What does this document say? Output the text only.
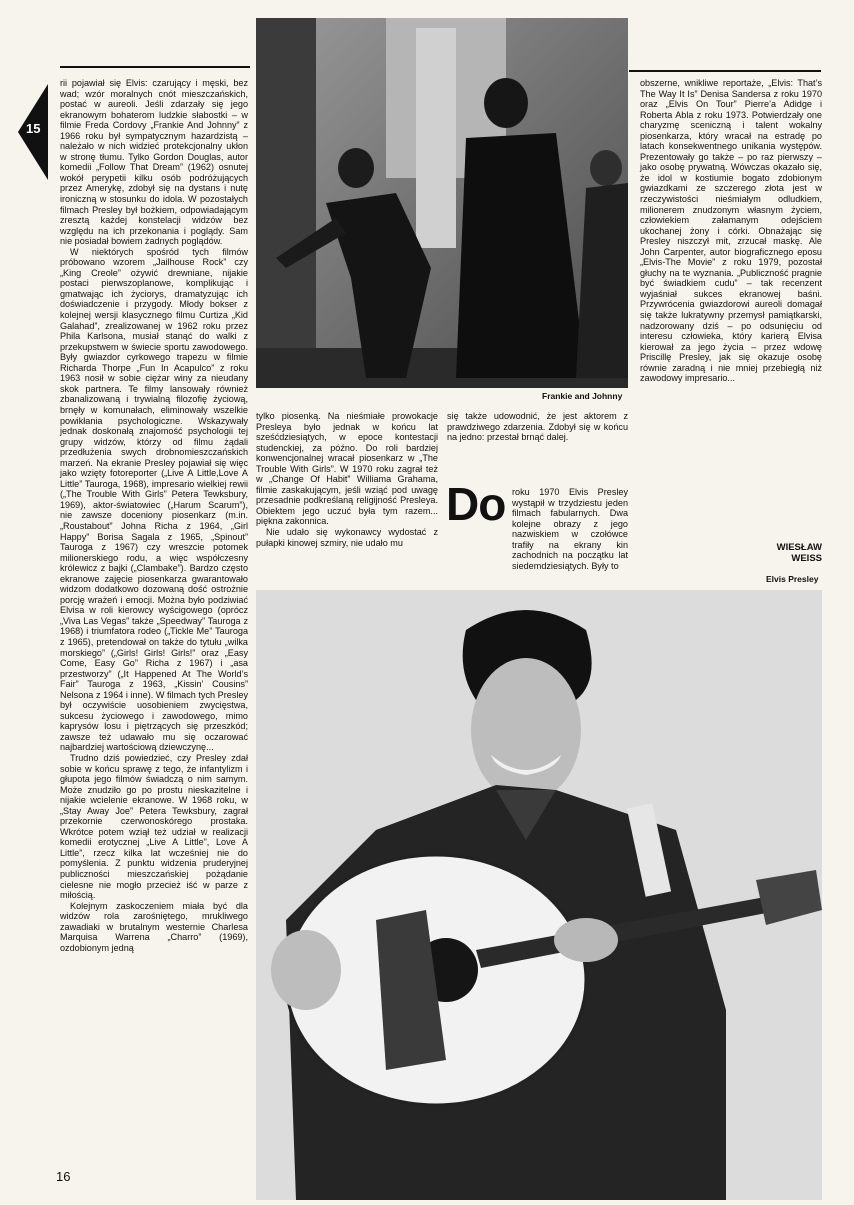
15

rii pojawiał się Elvis: czarujący i męski, bez wad; wzór moralnych cnót mieszczańskich, postać w aureoli. Jeśli zdarzały się jego ekranowym bohaterom ludzkie słabostki – w filmie Freda Cordovy „Frankie And Johnny” z 1966 roku był sympatycznym hazardzistą – należało w nich widzieć protekcjonalny ukłon w stronę tłumu. Tylko Gordon Douglas, autor komedii „Follow That Dream” (1962) osnutej wokół perypetii kilku osób podróżujących przez Amerykę, zdobył się na dystans i nutę ironiczną w stosunku do idola. W pozostałych filmach Presley był bożkiem, odpowiadającym zresztą każdej konstelacji widzów bez względu na ich przekonania i poglądy. Sam nie posiadał bowiem żadnych poglądów.

W niektórych spośród tych filmów próbowano wzorem „Jailhouse Rock” czy „King Creole” ożywić drewniane, nijakie postaci pierwszoplanowe, komplikując i gmatwając ich życiorys, dramatyzując ich doświadczenie i przygody. Młody bokser z kolejnej wersji klasycznego filmu Curtiza „Kid Galahad”, zrealizowanej w 1962 roku przez Phila Karlsona, musiał stanąć do walki z przekupstwem w świecie sportu zawodowego. Były gwiazdor cyrkowego trapezu w filmie Richarda Thorpe „Fun In Acapulco” z roku 1963 nosił w sobie ciężar winy za nieudany skok partnera. Te filmy lansowały również zbanalizowaną i trywialną filozofię życiową, brnęły w komunałach, eliminowały wszelkie powikłania psychologiczne. Wskazywały jednak doskonałą znajomość psychologii tej grupy widzów, którzy od filmu żądali przedłużenia swych drobnomieszczańskich marzeń. Na ekranie Presley pojawiał się więc jako wzięty fotoreporter („Live A Little,Love A Little” Tauroga, 1968), impresario wielkiej rewii („The Trouble With Girls” Petera Tewksbury, 1969), aktor-światowiec („Harum Scarum”), nie zawsze doceniony piosenkarz (m.in. „Roustabout” Johna Richa z 1964, „Girl Happy” Borisa Sagala z 1965, „Spinout” Tauroga z 1967) czy wreszcie potomek milionerskiego rodu, a więc współczesny królewicz z bajki („Clambake”). Bardzo często ekranowe zajęcie piosenkarza gwarantowało widzom dodatkowo dozowaną dość ostrożnie porcję wrażeń i emocji. Można było podziwiać Elvisa w roli kierowcy wyścigowego (oprócz „Viva Las Vegas” także „Speedway” Tauroga z 1968) i triumfatora rodeo („Tickle Me” Tauroga z 1965), pretendował on także do tytułu „wilka morskiego” („Girls! Girls! Girls!” oraz „Easy Come, Easy Go” Richa z 1967) i „asa przestworzy” („It Happened At The World’s Fair” Tauroga z 1963, „Kissin’ Cousins” Nelsona z 1964 i inne). W filmach tych Presley był oczywiście uosobieniem zwycięstwa, sukcesu życiowego i zawodowego, mimo kaprysów losu i piętrzących się przeszkód; zawsze też udawało mu się oczarować najbardziej wartościową dziewczynę...

Trudno dziś powiedzieć, czy Presley zdał sobie w końcu sprawę z tego, że infantylizm i głupota jego filmów świadczą o nim samym. Może znudziło go po prostu nieskazitelne i nijakie wcielenie ekranowe. W 1968 roku, w „Stay Away Joe” Petera Tewksbury, zagrał przekornie czerwonoskórego prostaka. Wkrótce potem wziął też udział w realizacji komedii erotycznej „Live A Little”, Love A Little”, rzecz kilka lat wcześniej nie do pomyślenia. Z punktu widzenia pruderyjnej publiczności mieszczańskiej pożądanie cielesne nie mogło przecież iść w parze z miłością.

Kolejnym zaskoczeniem miała być dla widzów rola zarośniętego, mrukliwego zawadiaki w brutalnym westernie Charlesa Marquisa Warrena „Charro” (1969), ozdobionym jedną

Frankie and Johnny

tylko piosenką. Na nieśmiałe prowokacje Presleya było jednak w końcu lat sześćdziesiątych, w epoce kontestacji studenckiej, za późno. Do roli bardziej konwencjonalnej wracał piosenkarz w „The Trouble With Girls”. W 1970 roku zagrał też w „Change Of Habit” Williama Grahama, filmie zaskakującym, jeśli wziąć pod uwagę przesadnie podkreślaną religijność Presleya. Obiektem jego uczuć była tym razem... piękna zakonnica.

Nie udało się wykonawcy wydostać z pułapki kinowej szmiry, nie udało mu

się także udowodnić, że jest aktorem z prawdziwego zdarzenia. Zdobył się w końcu na jedno: przestał brnąć dalej.

Do roku 1970 Elvis Presley wystąpił w trzydziestu jeden filmach fabularnych. Dwa kolejne obrazy z jego nazwiskiem w czołówce trafiły na ekrany kin zachodnich na początku lat siedemdziesiątych. Były to

obszerne, wnikliwe reportaże, „Elvis: That’s The Way It Is” Denisa Sandersa z roku 1970 oraz „Elvis On Tour” Pierre’a Adidge i Roberta Abla z roku 1973. Potwierdzały one charyzmę sceniczną i talent wokalny piosenkarza, który wracał na estradę po latach konsekwentnego unikania występów. Prezentowały go także – po raz pierwszy – jako osobę prywatną. Wówczas okazało się, że idol w kostiumie bogato zdobionym gwiazdkami ze szczerego złota jest w rzeczywistości nieśmiałym odludkiem, milionerem znudzonym własnym życiem, człowiekiem załamanym odejściem ukochanej żony i córki. Obnażając się Presley niszczył mit, zrzucał maskę. Ale John Carpenter, autor biograficznego eposu „Elvis-The Movie” z roku 1979, pozostał głuchy na te wyznania. „Publiczność pragnie być świadkiem cudu” – tak recenzent wyjaśniał sukces ekranowej baśni. Przywrócenia gwiazdorowi aureoli domagał się także lukratywny przemysł pamiątkarski, nadzorowany dziś – po odsunięciu od interesu człowieka, który karierą Elvisa kierował za jego życia – przez wdowę Priscillę Presley, jak się okazuje osobę równie zaradną i nie mniej przebiegłą niż zawodowy impresario...

WIESŁAW
WEISS
Elvis Presley
16
